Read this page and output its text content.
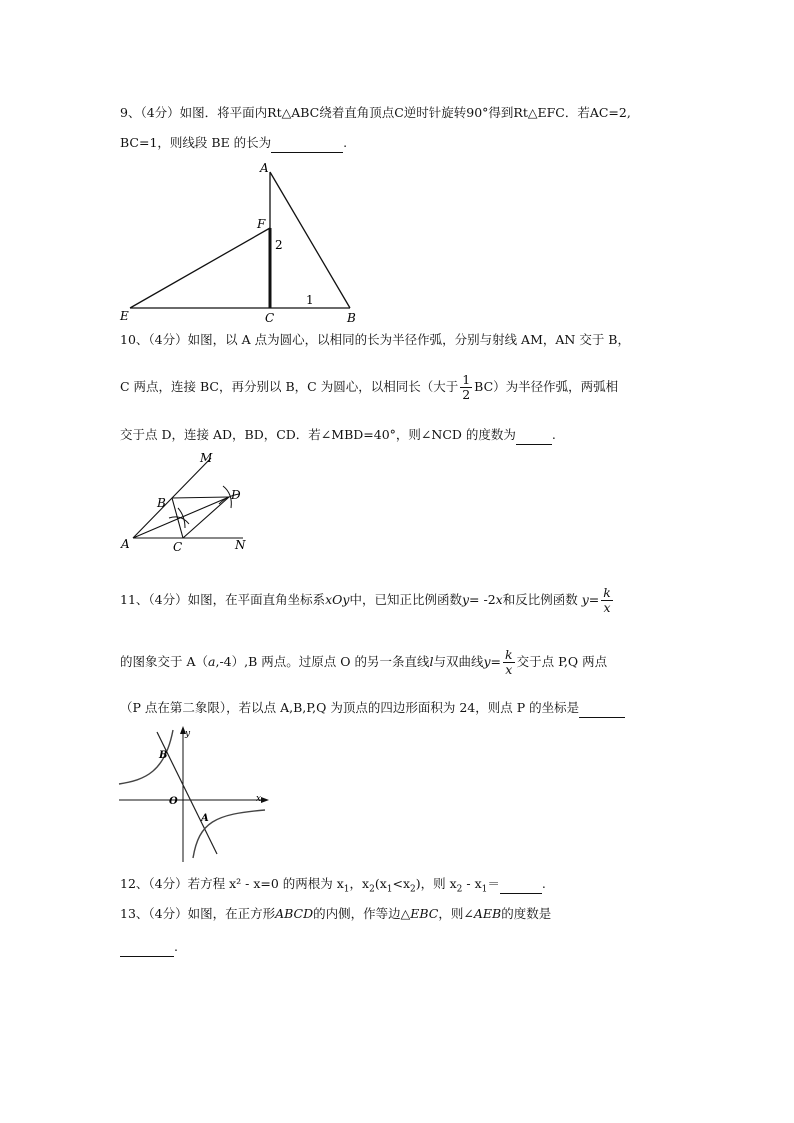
9、（4分）如图．将平面内Rt△ABC绕着直角顶点C逆时针旋转90°得到Rt△EFC．若AC=2,
BC=1，则线段 BE 的长为	.
A
F
E	C	B
2
1
10、（4分）如图，以 A 点为圆心，以相同的长为半径作弧，分别与射线 AM，AN 交于 B，
C 两点，连接 BC，再分别以 B，C 为圆心，以相同长（大于 $\frac{1}{2} BC$）为半径作弧，两弧相
交于点 D，连接 AD，BD，CD．若∠MBD=40°，则∠NCD 的度数为	.
M
B
D
A	C	N
11、（4分）如图，在平面直角坐标系xOy中，已知正比例函数y= -2x和反比例函数 $y= \frac{k}{x}$
的图象交于 A（a,-4）,B 两点。过原点 O 的另一条直线l与双曲线$y= \frac{k}{x}$ 交于点 P,Q 两点
（P 点在第二象限），若以点 A,B,P,Q 为顶点的四边形面积为 24，则点 P 的坐标是
y
B
O	x
A
12、（4分）若方程 x² - x=0 的两根为 $x_1$，$x_2(x_1<x_2)$，则 $x_2 - x_1=$	.
13、（4分）如图，在正方形ABCD的内侧，作等边△EBC，则∠AEB的度数是
.
